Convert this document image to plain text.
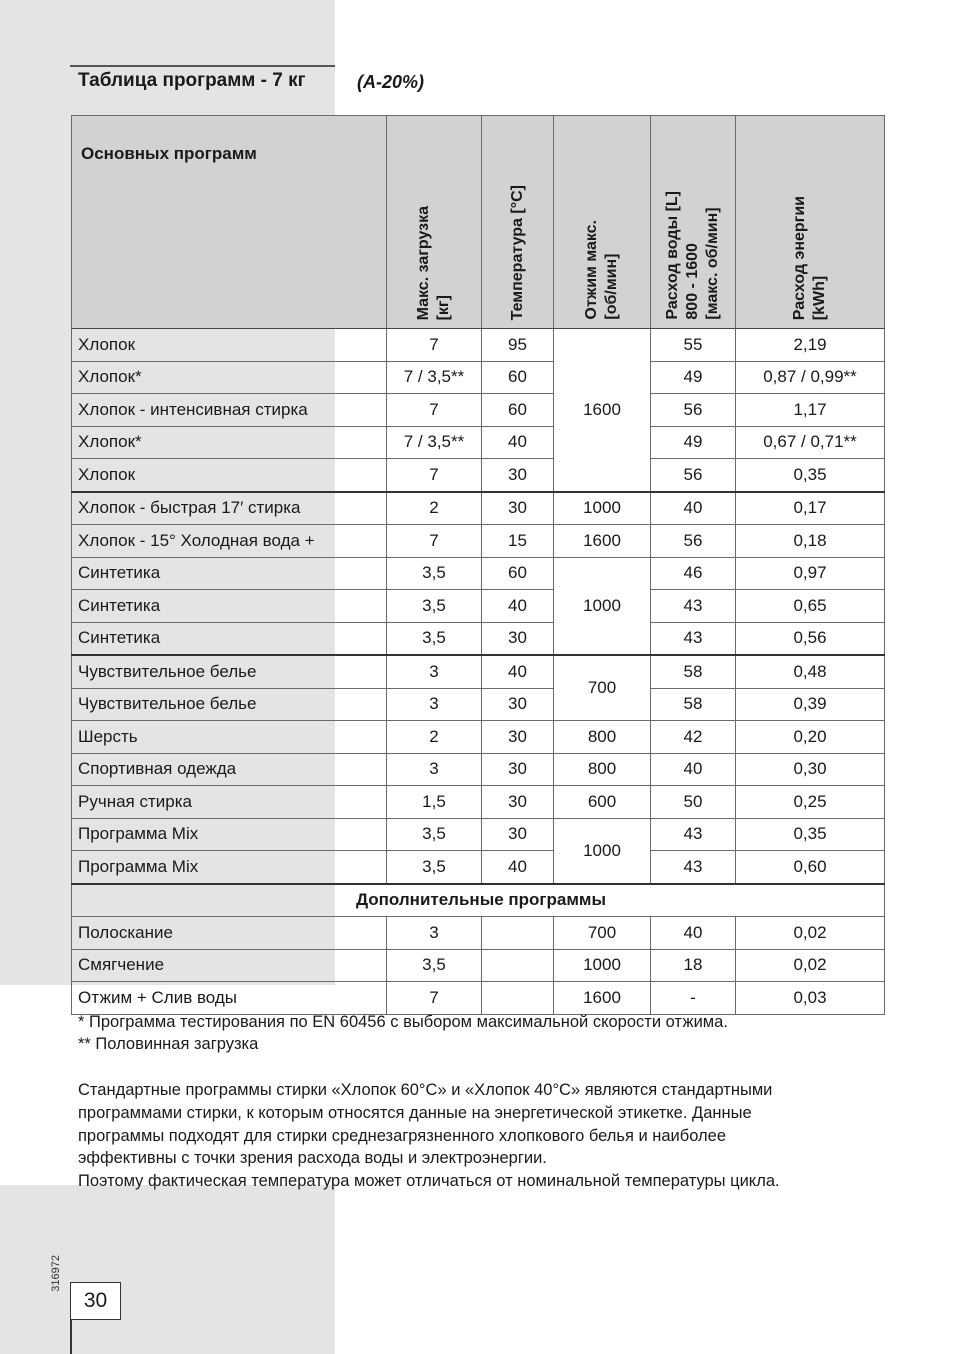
Таблица программ - 7 кг	(A-20%)
Основных программ	Макс. загрузка
[кг]	Температура [°C]	Отжим макс.
[об/мин]	Расход воды [L]
800 - 1600
[макс. об/мин]	Расход энергии
[kWh]

Хлопок	7	95	1600	55	2,19
Хлопок*	7 / 3,5**	60		49	0,87 / 0,99**
Хлопок - интенсивная стирка	7	60		56	1,17
Хлопок*	7 / 3,5**	40		49	0,67 / 0,71**
Хлопок	7	30		56	0,35
Хлопок - быстрая 17′ стирка	2	30	1000	40	0,17
Хлопок - 15° Холодная вода +	7	15	1600	56	0,18
Синтетика	3,5	60	1000	46	0,97
Синтетика	3,5	40		43	0,65
Синтетика	3,5	30		43	0,56
Чувствительное белье	3	40	700	58	0,48
Чувствительное белье	3	30		58	0,39
Шерсть	2	30	800	42	0,20
Спортивная одежда	3	30	800	40	0,30
Ручная стирка	1,5	30	600	50	0,25
Программа Mix	3,5	30	1000	43	0,35
Программа Mix	3,5	40		43	0,60
Дополнительные программы					
Полоскание	3		700	40	0,02
Смягчение	3,5		1000	18	0,02
Отжим + Слив воды	7		1600	-	0,03
* Программа тестирования по EN 60456 с выбором максимальной скорости отжима.
** Половинная загрузка
Стандартные программы стирки «Хлопок 60°C» и «Хлопок 40°C» являются стандартными
программами стирки, к которым относятся данные на энергетической этикетке. Данные
программы подходят для стирки среднезагрязненного хлопкового белья и наиболее
эффективны с точки зрения расхода воды и электроэнергии.
Поэтому фактическая температура может отличаться от номинальной температуры цикла.
316972
30
